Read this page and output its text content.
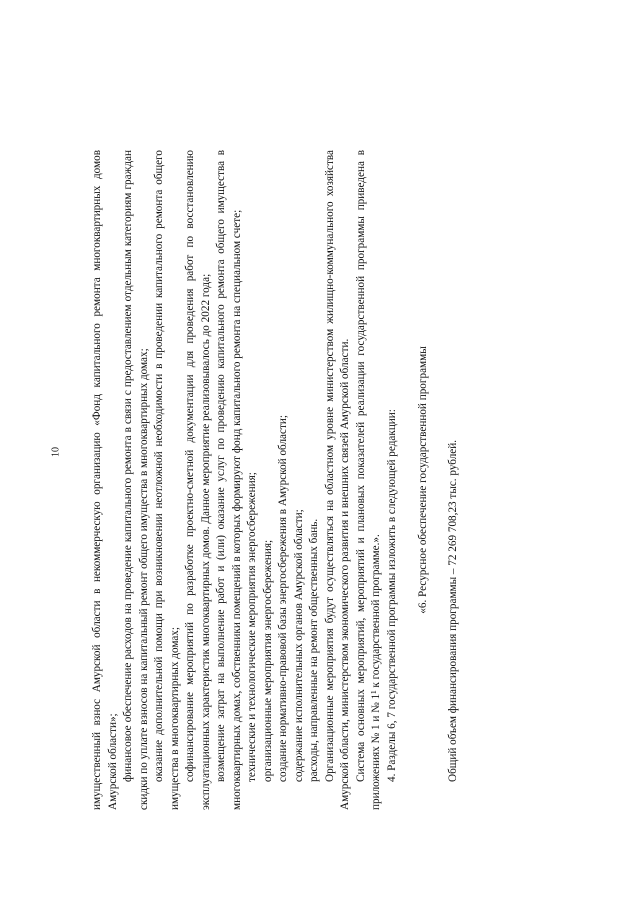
10	имущественный взнос Амурской области в некоммерческую организацию «Фонд капитального ремонта многоквартирных домов Амурской области»; финансовое обеспечение расходов на проведение капитального ремонта в связи с предоставлением отдельным категориям граждан скидки по уплате взносов на капитальный ремонт общего имущества в многоквартирных домах; оказание дополнительной помощи при возникновении неотложной необходимости в проведении капитального ремонта общего имущества в многоквартирных домах; софинансирование мероприятий по разработке проектно-сметной документации для проведения работ по восстановлению эксплуатационных характеристик многоквартирных домов. Данное мероприятие реализовывалось до 2022 года; возмещение затрат на выполнение работ и (или) оказание услуг по проведению капитального ремонта общего имущества в многоквартирных домах, собственники помещений в которых формируют фонд капитального ремонта на специальном счете; технические и технологические мероприятия энергосбережения; организационные мероприятия энергосбережения; создание нормативно-правовой базы энергосбережения в Амурской области; содержание исполнительных органов Амурской области; расходы, направленные на ремонт общественных бань. Организационные мероприятия будут осуществляться на областном уровне министерством жилищно-коммунального хозяйства Амурской области, министерством экономического развития и внешних связей Амурской области. Система основных мероприятий, мероприятий и плановых показателей реализации государственной программы приведена в приложениях № 1 и № 1¹ к государственной программе.». 4. Разделы 6, 7 государственной программы изложить в следующей редакции: «6. Ресурсное обеспечение государственной программы Общий объем финансирования программы – 72 269 708,23 тыс. рублей.
